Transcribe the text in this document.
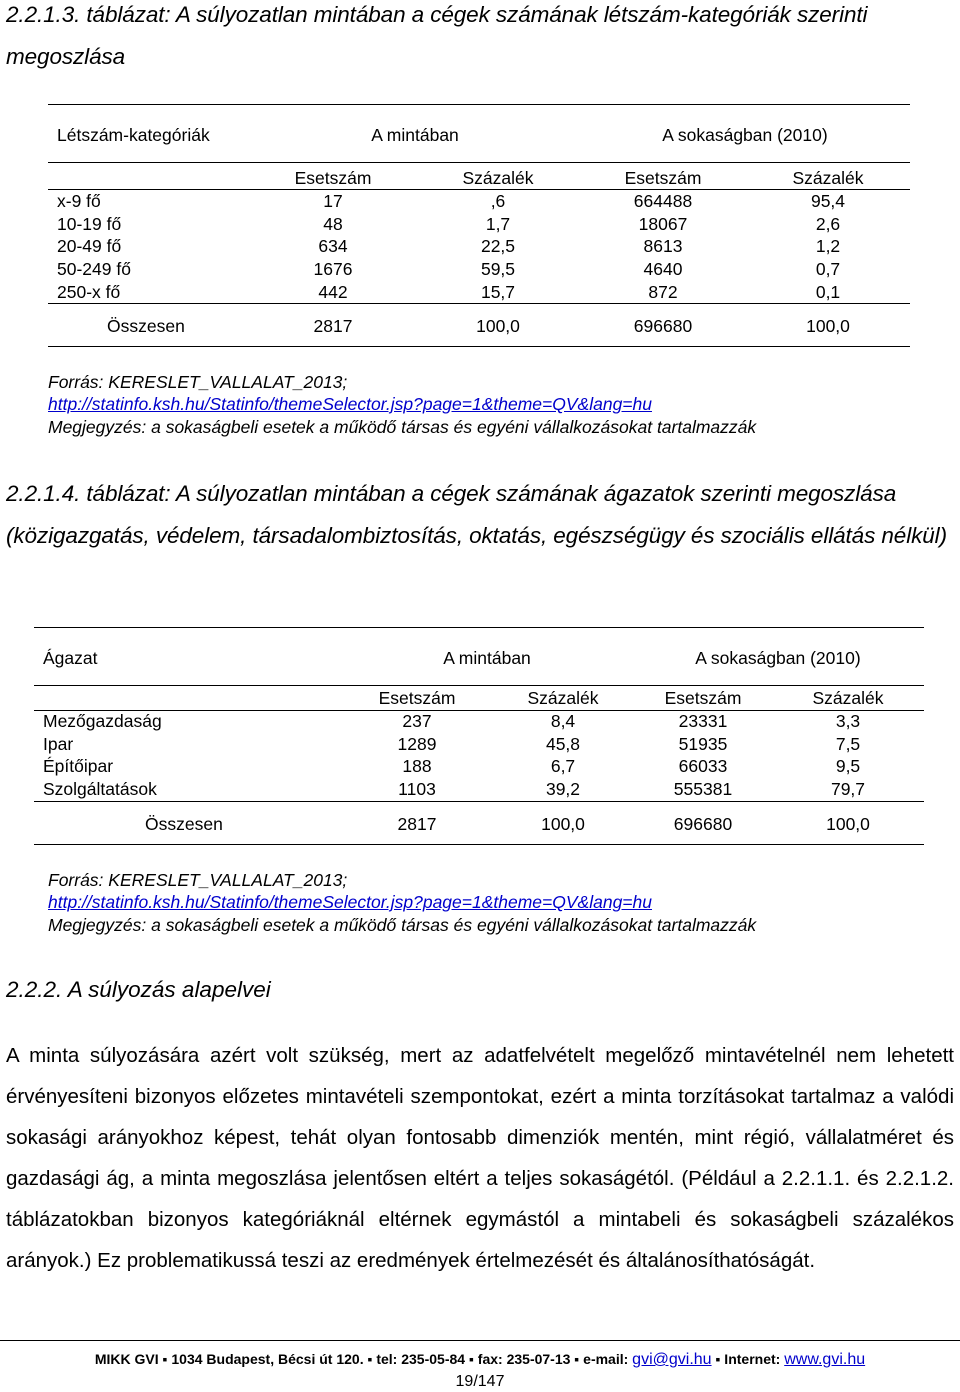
2.2.1.3. táblázat: A súlyozatlan mintában a cégek számának létszám-kategóriák szerinti megoszlása
Létszám-kategóriák	A mintában	A sokaságban (2010)
Esetszám	Százalék	Esetszám	Százalék
x-9 fő	17	,6	664488	95,4
10-19 fő	48	1,7	18067	2,6
20-49 fő	634	22,5	8613	1,2
50-249 fő	1676	59,5	4640	0,7
250-x fő	442	15,7	872	0,1
Összesen	2817	100,0	696680	100,0
Forrás: KERESLET_VALLALAT_2013;
http://statinfo.ksh.hu/Statinfo/themeSelector.jsp?page=1&theme=QV&lang=hu
Megjegyzés: a sokaságbeli esetek a működő társas és egyéni vállalkozásokat tartalmazzák
2.2.1.4. táblázat: A súlyozatlan mintában a cégek számának ágazatok szerinti megoszlása (közigazgatás, védelem, társadalombiztosítás, oktatás, egészségügy és szociális ellátás nélkül)
Ágazat	A mintában	A sokaságban (2010)
Esetszám	Százalék	Esetszám	Százalék
Mezőgazdaság	237	8,4	23331	3,3
Ipar	1289	45,8	51935	7,5
Építőipar	188	6,7	66033	9,5
Szolgáltatások	1103	39,2	555381	79,7
Összesen	2817	100,0	696680	100,0
Forrás: KERESLET_VALLALAT_2013;
http://statinfo.ksh.hu/Statinfo/themeSelector.jsp?page=1&theme=QV&lang=hu
Megjegyzés: a sokaságbeli esetek a működő társas és egyéni vállalkozásokat tartalmazzák
2.2.2. A súlyozás alapelvei
A minta súlyozására azért volt szükség, mert az adatfelvételt megelőző mintavételnél nem lehetett érvényesíteni bizonyos előzetes mintavételi szempontokat, ezért a minta torzításokat tartalmaz a valódi sokasági arányokhoz képest, tehát olyan fontosabb dimenziók mentén, mint régió, vállalatméret és gazdasági ág, a minta megoszlása jelentősen eltért a teljes sokaságétól. (Például a 2.2.1.1. és 2.2.1.2. táblázatokban bizonyos kategóriáknál eltérnek egymástól a mintabeli és sokaságbeli százalékos
arányok.) Ez problematikussá teszi az eredmények értelmezését és általánosíthatóságát.
MIKK GVI ▪ 1034 Budapest, Bécsi út 120. ▪ tel: 235-05-84 ▪ fax: 235-07-13 ▪ e-mail: gvi@gvi.hu ▪ Internet: www.gvi.hu
19/147
